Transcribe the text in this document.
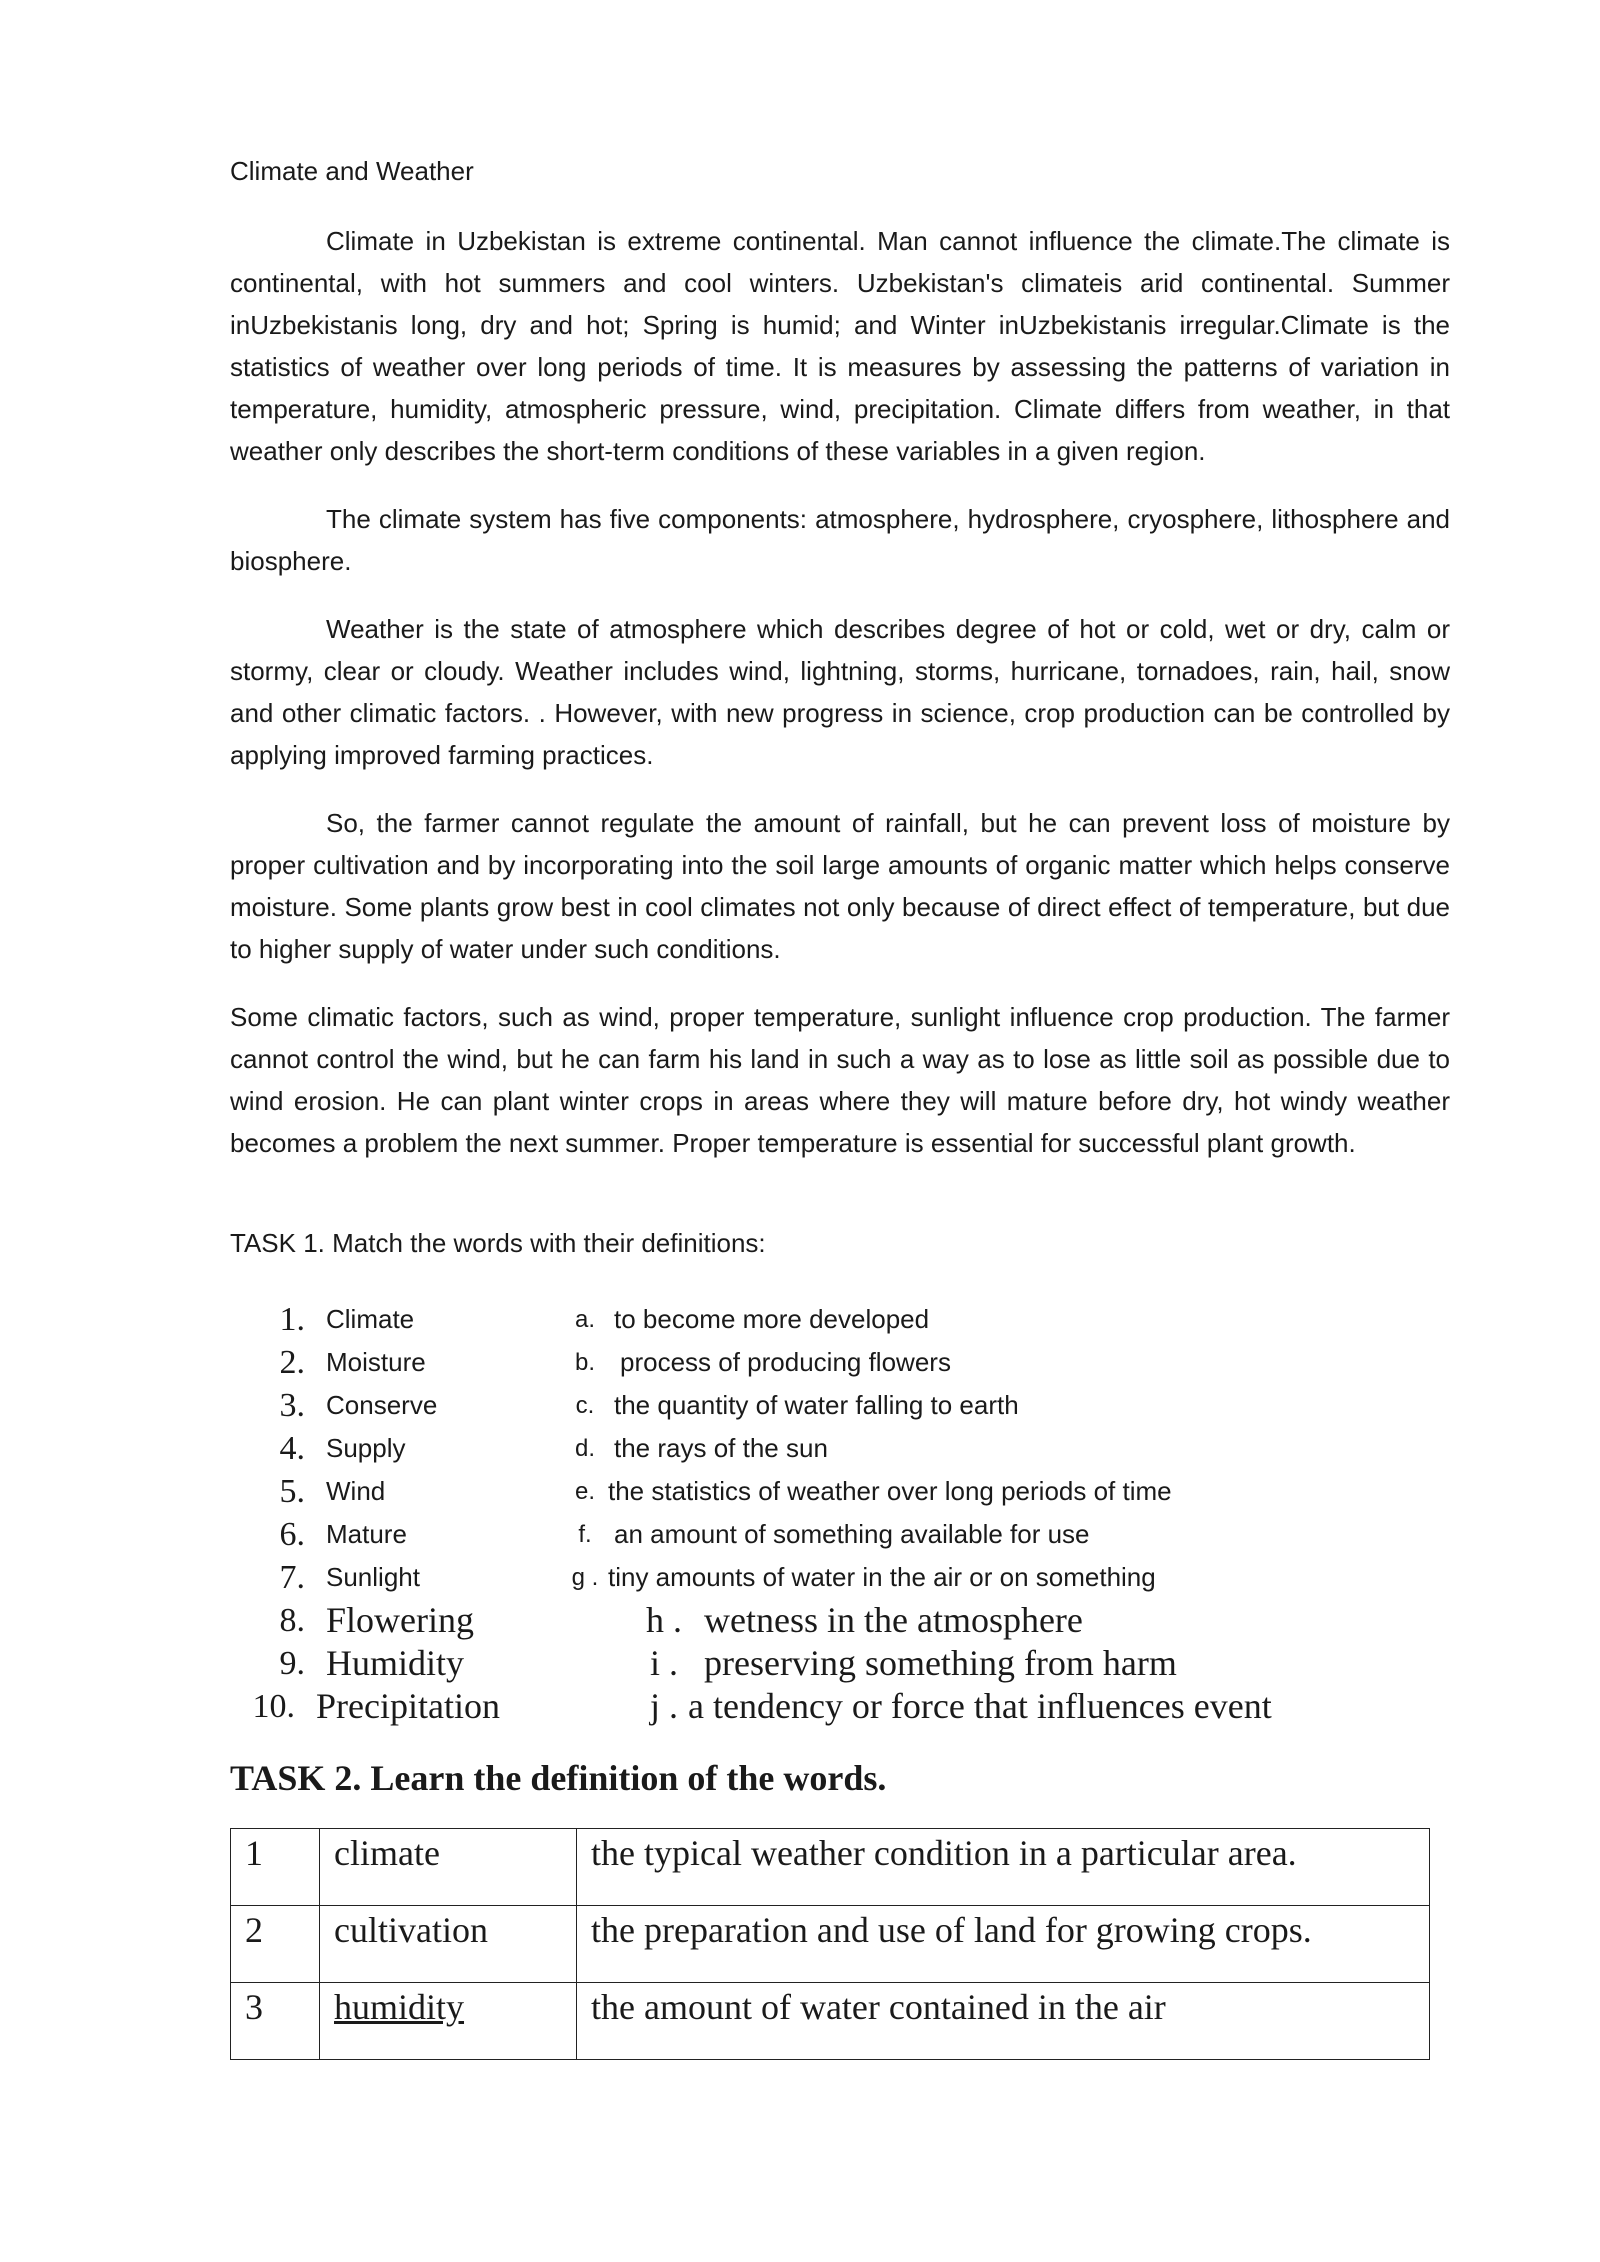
Climate and Weather

Climate in Uzbekistan is extreme continental. Man cannot influence the climate.The climate is continental, with hot summers and cool winters. Uzbekistan's climateis arid continental. Summer inUzbekistanis long, dry and hot; Spring is humid; and Winter inUzbekistanis irregular.Climate is the statistics of weather over long periods of time. It is measures by assessing the patterns of variation in temperature, humidity, atmospheric pressure, wind, precipitation. Climate differs from weather, in that weather only describes the short-term conditions of these variables in a given region.

The climate system has five components: atmosphere, hydrosphere, cryosphere, lithosphere and biosphere.

Weather is the state of atmosphere which describes degree of hot or cold, wet or dry, calm or stormy, clear or cloudy. Weather includes wind, lightning, storms, hurricane, tornadoes, rain, hail, snow and other climatic factors. . However, with new progress in science, crop production can be controlled by applying improved farming practices.

So, the farmer cannot regulate the amount of rainfall, but he can prevent loss of moisture by proper cultivation and by incorporating into the soil large amounts of organic matter which helps conserve moisture. Some plants grow best in cool climates not only because of direct effect of temperature, but due to higher supply of water under such conditions.

Some climatic factors, such as wind, proper temperature, sunlight influence crop production. The farmer cannot control the wind, but he can farm his land in such a way as to lose as little soil as possible due to wind erosion. He can plant winter crops in areas where they will mature before dry, hot windy weather becomes a problem the next summer. Proper temperature is essential for successful plant growth.

TASK 1. Match the words with their definitions:
1. Climate	a. to become more developed
2. Moisture	b. process of producing flowers
3. Conserve	c. the quantity of water falling to earth
4. Supply	d. the rays of the sun
5. Wind	e. the statistics of weather over long periods of time
6. Mature	f. an amount of something available for use
7. Sunlight	g . tiny amounts of water in the air or on something
8. Flowering	h . wetness in the atmosphere
9. Humidity	i . preserving something from harm
10. Precipitation	j . a tendency or force that influences event
TASK 2. Learn the definition of the words.
1	climate	the typical weather condition in a particular area.
2	cultivation	the preparation and use of land for growing crops.
3	humidity	the amount of water contained in the air
